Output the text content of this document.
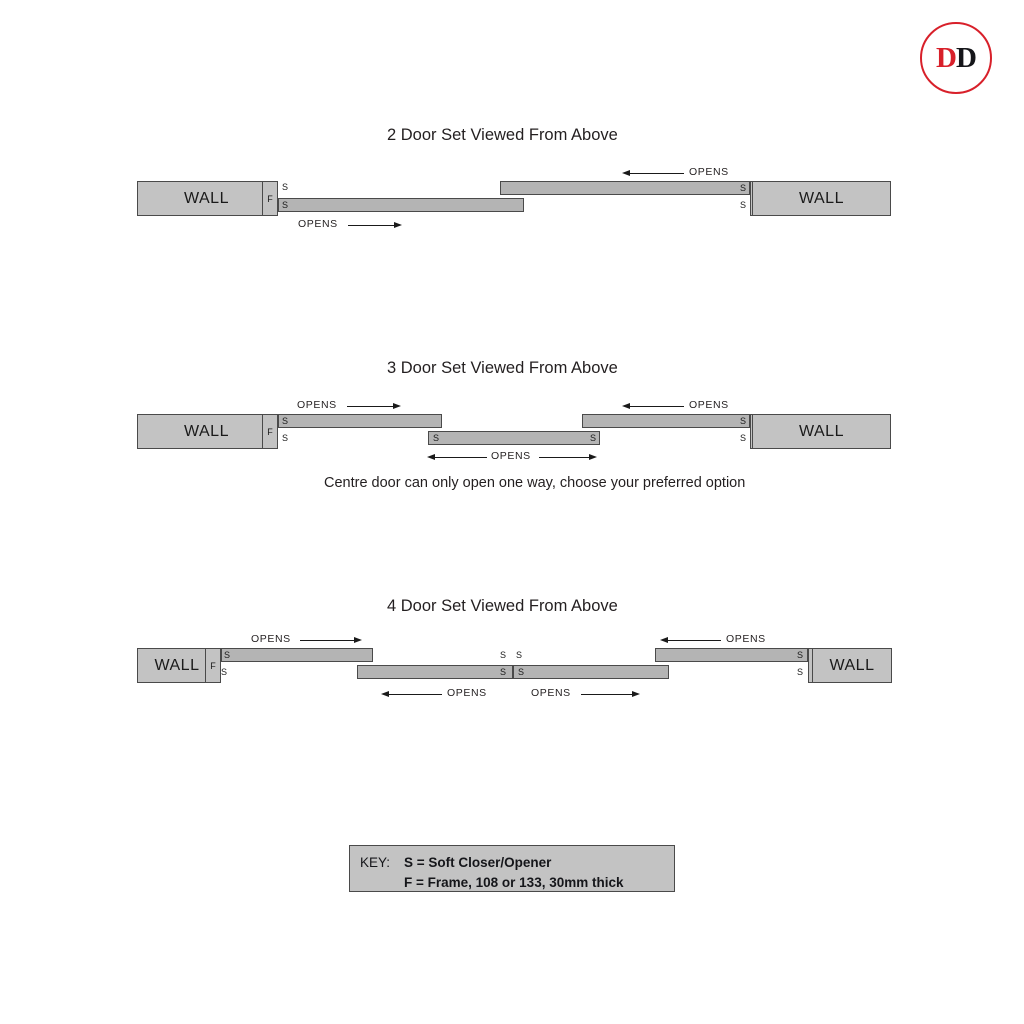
DD
2 Door Set Viewed From Above
OPENS
WALL	F	WALL
S
S
S
S
OPENS
3 Door Set Viewed From Above
OPENS	OPENS
WALL	F	WALL
S
S	S	S
S
S
OPENS
Centre door can only open one way, choose your preferred option
4 Door Set Viewed From Above
OPENS	OPENS
WALL	F	WALL
S
S
S S
S S
S
S
OPENS	OPENS
KEY:	S = Soft Closer/Opener
F = Frame, 108 or 133, 30mm thick
